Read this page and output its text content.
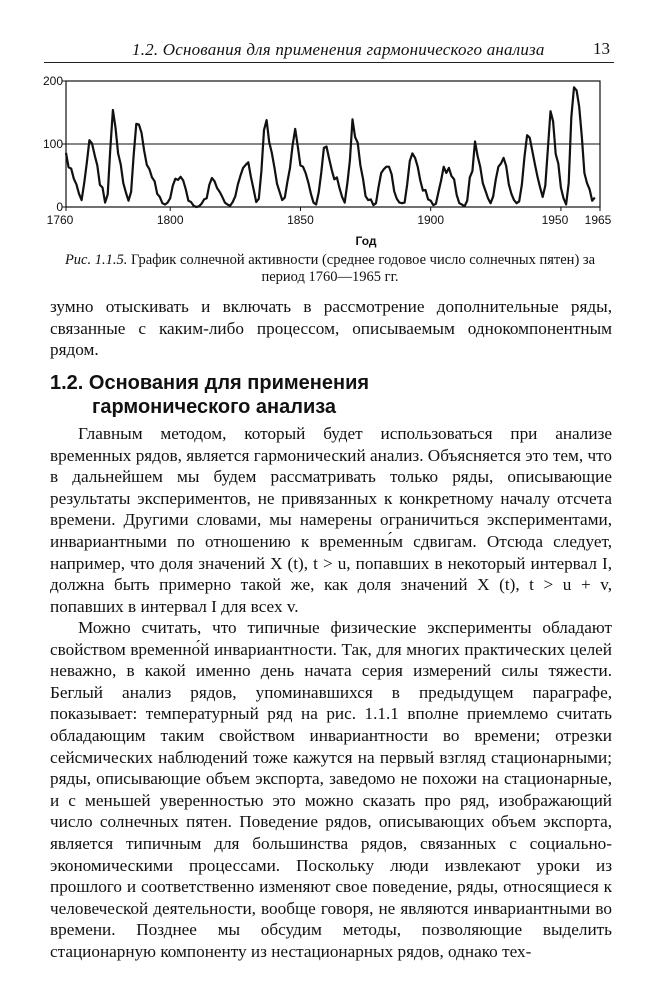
1.2. Основания для применения гармонического анализа	13
0
100
200
1760	1800	1850	1900	1950 1965
Год
Рис. 1.1.5. График солнечной активности (среднее годовое число солнечных пятен) за период 1760—1965 гг.

зумно отыскивать и включать в рассмотрение дополнительные ряды, связанные с каким-либо процессом, описываемым однокомпонентным рядом.

1.2. Основания для применения
гармонического анализа

Главным методом, который будет использоваться при анализе временных рядов, является гармонический анализ. Объясняется это тем, что в дальнейшем мы будем рассматривать только ряды, описывающие результаты экспериментов, не привязанных к конкретному началу отсчета времени. Другими словами, мы намерены ограничиться экспериментами, инвариантными по отношению к временны́м сдвигам. Отсюда следует, например, что доля значений X (t), t > u, попавших в некоторый интервал I, должна быть примерно такой же, как доля значений X (t), t > u + v, попавших в интервал I для всех v.

Можно считать, что типичные физические эксперименты обладают свойством временно́й инвариантности. Так, для многих практических целей неважно, в какой именно день начата серия измерений силы тяжести. Беглый анализ рядов, упоминавшихся в предыдущем параграфе, показывает: температурный ряд на рис. 1.1.1 вполне приемлемо считать обладающим таким свойством инвариантности во времени; отрезки сейсмических наблюдений тоже кажутся на первый взгляд стационарными; ряды, описывающие объем экспорта, заведомо не похожи на стационарные, и с меньшей уверенностью это можно сказать про ряд, изображающий число солнечных пятен. Поведение рядов, описывающих объем экспорта, является типичным для большинства рядов, связанных с социально-экономическими процессами. Поскольку люди извлекают уроки из прошлого и соответственно изменяют свое поведение, ряды, относящиеся к человеческой деятельности, вообще говоря, не являются инвариантными во времени. Позднее мы обсудим методы, позволяющие выделить стационарную компоненту из нестационарных рядов, однако тех-
